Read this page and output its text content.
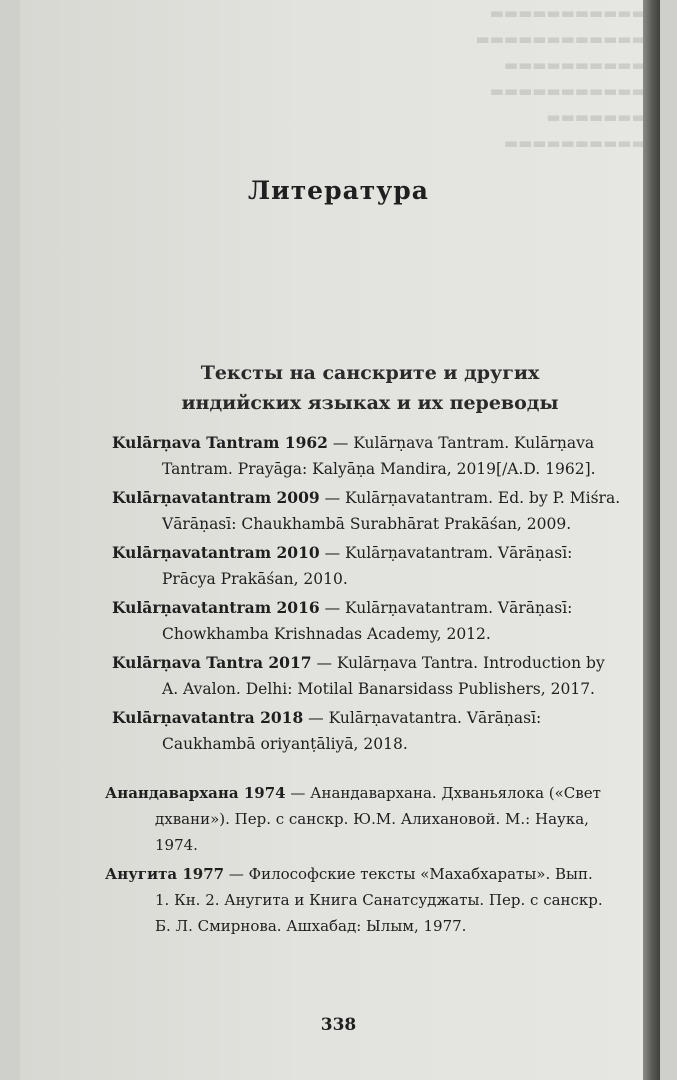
▬▬▬▬▬▬▬▬▬▬▬▬
▬▬▬▬▬▬▬▬▬▬▬▬▬
▬▬▬▬▬▬▬▬▬▬▬
▬▬▬▬▬▬▬▬▬▬▬▬
▬▬▬▬▬▬▬▬
▬▬▬▬▬▬▬▬▬▬▬
Литература
Тексты на санскрите и других
индийских языках и их переводы
Kulārṇava Tantram 1962 — Kulārṇava Tantram. Kulārṇava
Tantram. Prayāga: Kalyāṇa Mandira, 2019[/A.D. 1962].
Kulārṇavatantram 2009 — Kulārṇavatantram. Ed. by P. Miśra.
Vārāṇasī: Chaukhambā Surabhārat Prakāśan, 2009.
Kulārṇavatantram 2010 — Kulārṇavatantram. Vārāṇasī:
Prācya Prakāśan, 2010.
Kulārṇavatantram 2016 — Kulārṇavatantram. Vārāṇasī:
Chowkhamba Krishnadas Academy, 2012.
Kulārṇava Tantra 2017 — Kulārṇava Tantra. Introduction by
A. Avalon. Delhi: Motilal Banarsidass Publishers, 2017.
Kulārṇavatantra 2018 — Kulārṇavatantra. Vārāṇasī:
Caukhambā oriyanṭāliyā, 2018.
Анандавархана 1974 — Анандавархана. Дхваньялока («Свет
дхвани»). Пер. с санскр. Ю.М. Алихановой. М.: Наука,
1974.
Анугита 1977 — Философские тексты «Махабхараты». Вып.
1. Кн. 2. Анугита и Книга Санатсуджаты. Пер. с санскр.
Б. Л. Смирнова. Ашхабад: Ылым, 1977.
338
